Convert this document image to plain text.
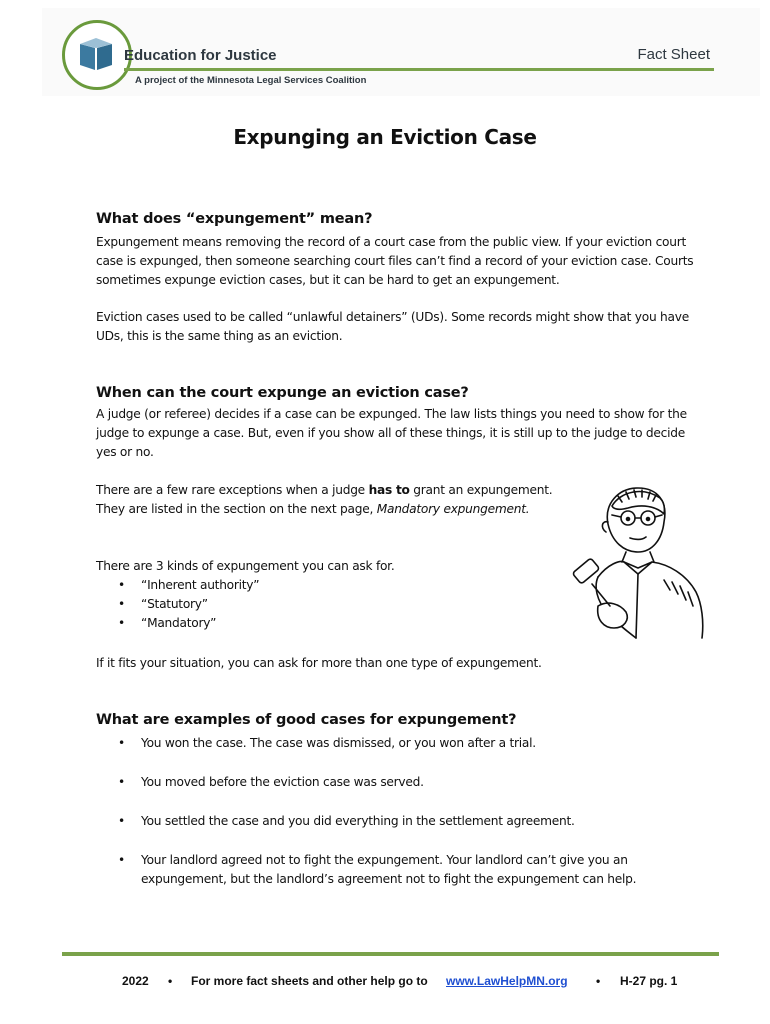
Education for Justice	Fact Sheet
A project of the Minnesota Legal Services Coalition
Expunging an Eviction Case
What does “expungement” mean?

Expungement means removing the record of a court case from the public view. If your eviction court case is expunged, then someone searching court files can’t find a record of your eviction case. Courts sometimes expunge eviction cases, but it can be hard to get an expungement.

Eviction cases used to be called “unlawful detainers” (UDs). Some records might show that you have UDs, this is the same thing as an eviction.

When can the court expunge an eviction case?

A judge (or referee) decides if a case can be expunged. The law lists things you need to show for the judge to expunge a case. But, even if you show all of these things, it is still up to the judge to decide yes or no.

There are a few rare exceptions when a judge has to grant an expungement. They are listed in the section on the next page, Mandatory expungement.

There are 3 kinds of expungement you can ask for.

• “Inherent authority”
• “Statutory”
• “Mandatory”

If it fits your situation, you can ask for more than one type of expungement.

What are examples of good cases for expungement?
• You won the case. The case was dismissed, or you won after a trial.
• You moved before the eviction case was served.
• You settled the case and you did everything in the settlement agreement.
• Your landlord agreed not to fight the expungement. Your landlord can’t give you an expungement, but the landlord’s agreement not to fight the expungement can help.
2022 • For more fact sheets and other help go to www.LawHelpMN.org • H-27 pg. 1
